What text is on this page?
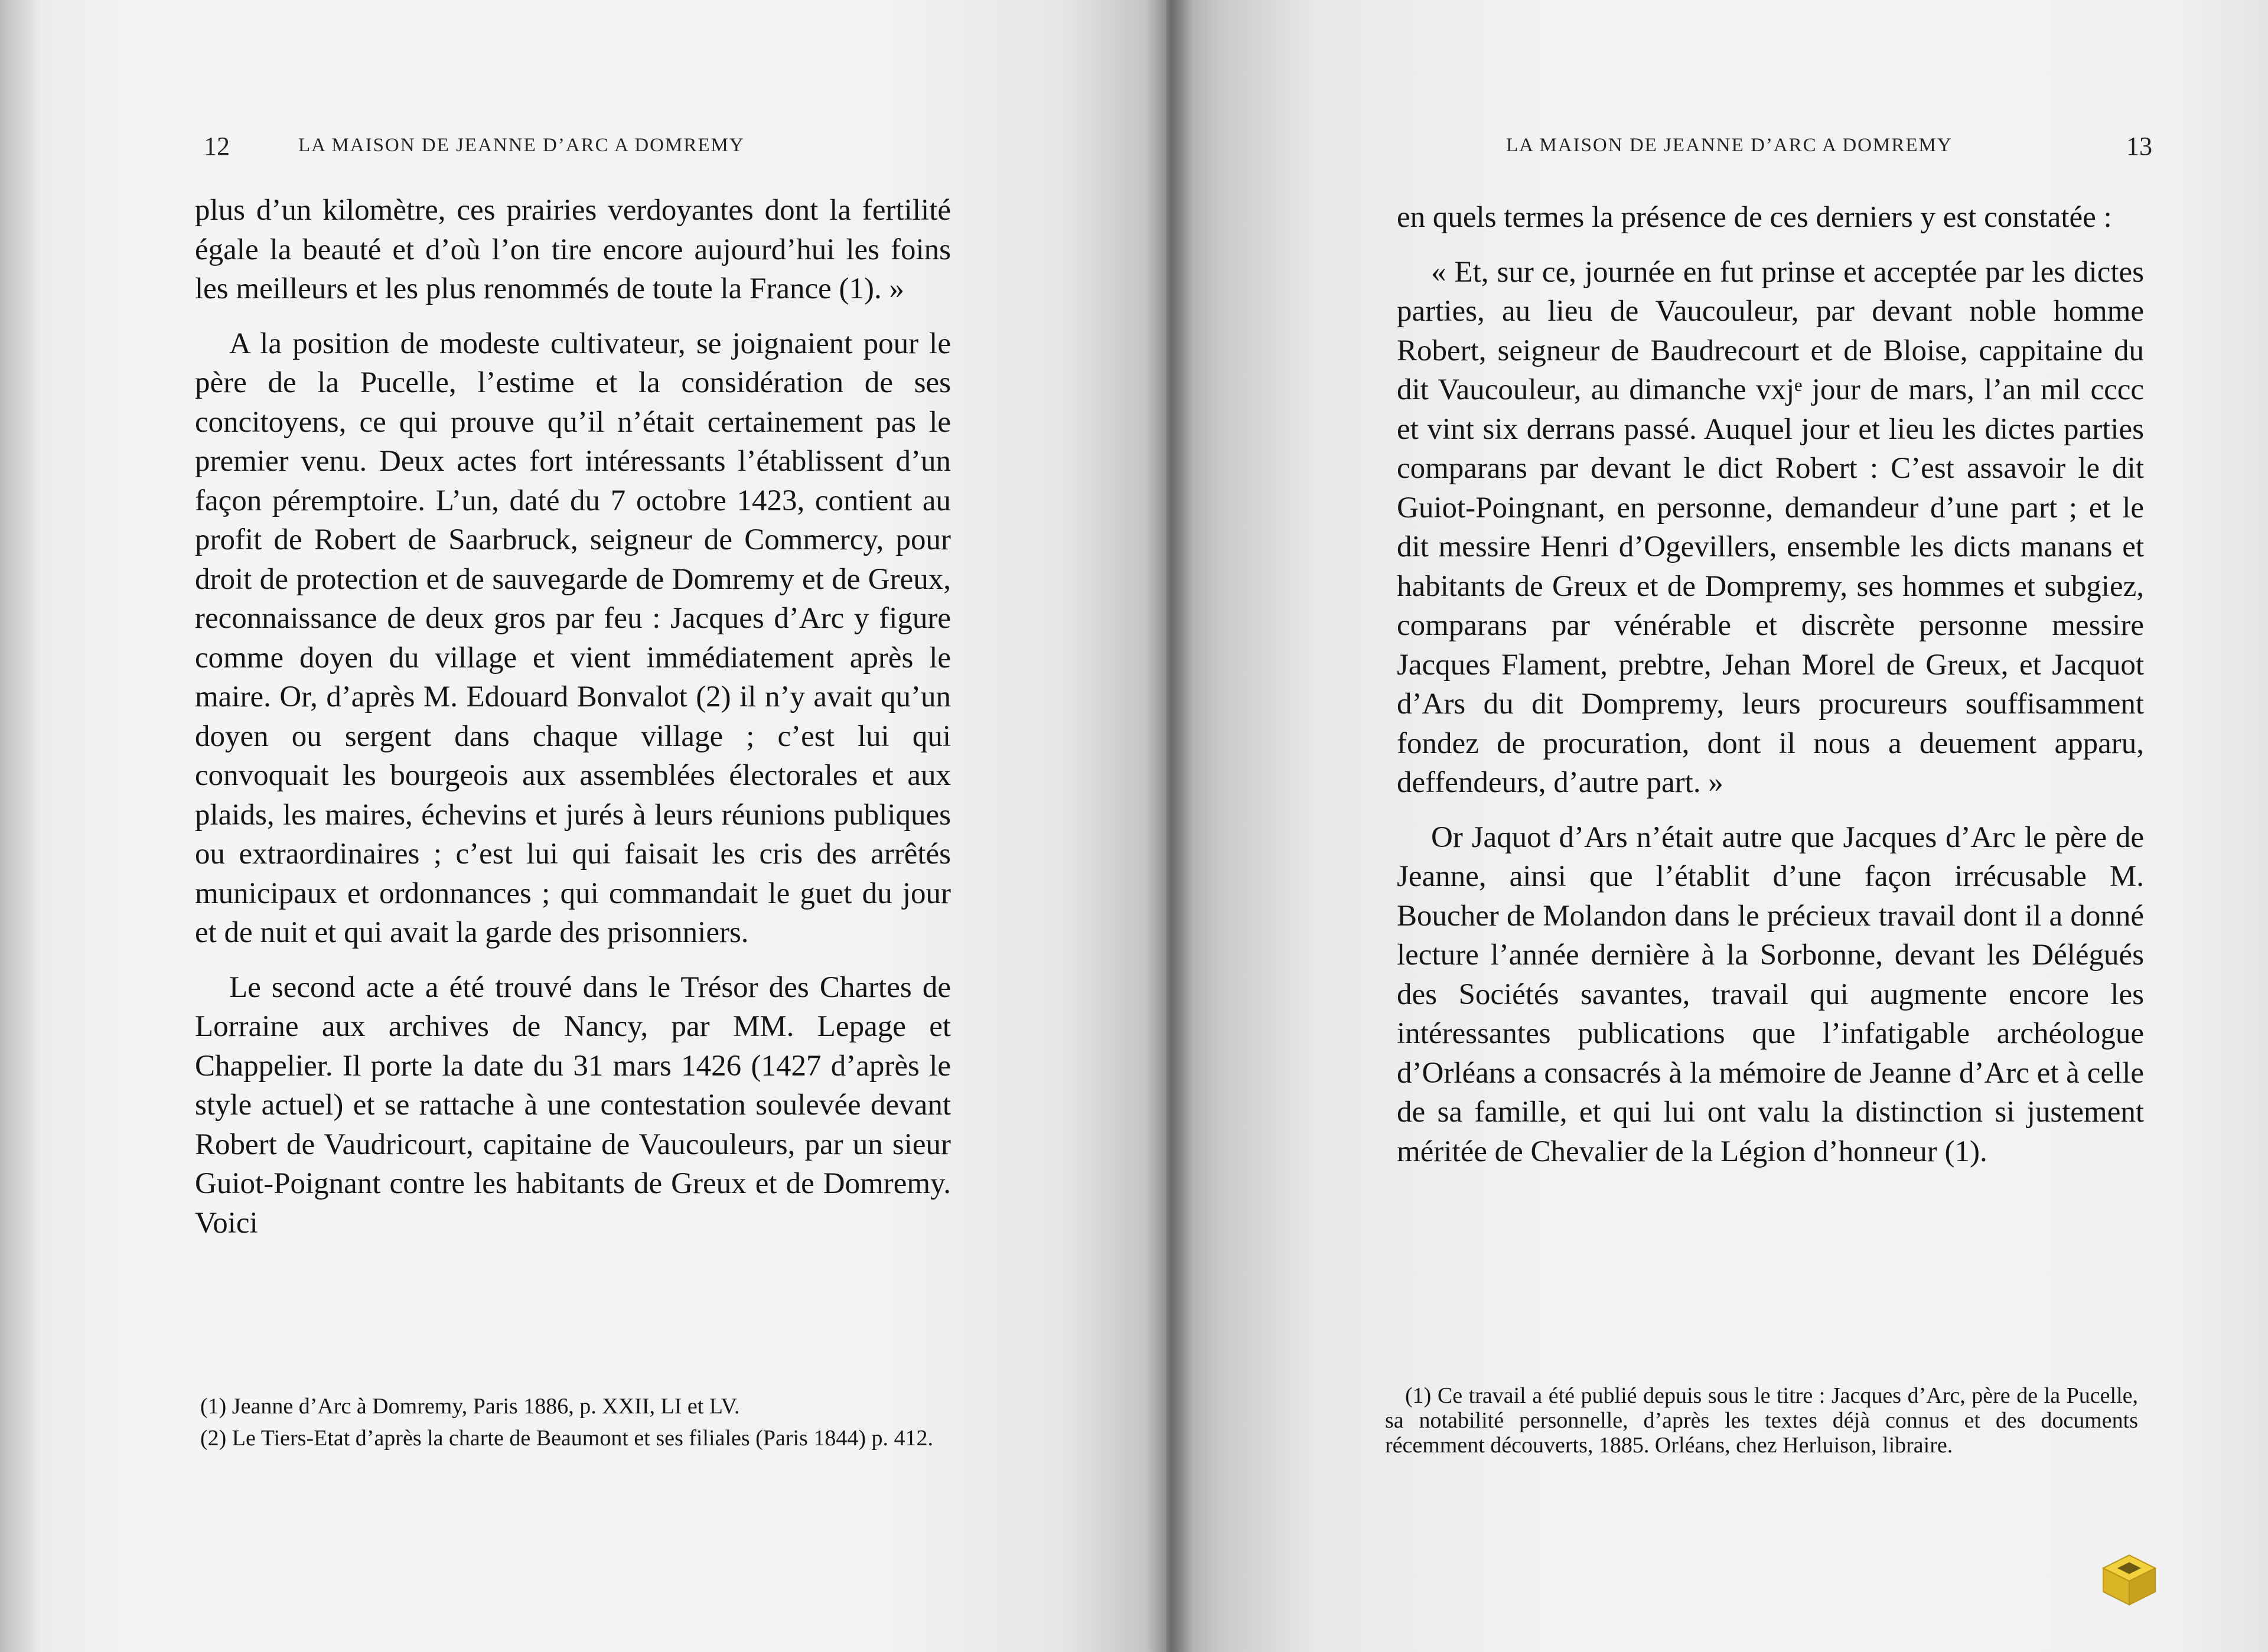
12	LA MAISON DE JEANNE D’ARC A DOMREMY

plus d’un kilomètre, ces prairies verdoyantes dont la fertilité égale la beauté et d’où l’on tire encore aujourd’hui les foins les meilleurs et les plus renommés de toute la France (1). »

A la position de modeste cultivateur, se joignaient pour le père de la Pucelle, l’estime et la considération de ses concitoyens, ce qui prouve qu’il n’était certainement pas le premier venu. Deux actes fort intéressants l’établissent d’un façon péremptoire. L’un, daté du 7 octobre 1423, contient au profit de Robert de Saarbruck, seigneur de Commercy, pour droit de protection et de sauvegarde de Domremy et de Greux, reconnaissance de deux gros par feu : Jacques d’Arc y figure comme doyen du village et vient immédiatement après le maire. Or, d’après M. Edouard Bonvalot (2) il n’y avait qu’un doyen ou sergent dans chaque village ; c’est lui qui convoquait les bourgeois aux assemblées électorales et aux plaids, les maires, échevins et jurés à leurs réunions publiques ou extraordinaires ; c’est lui qui faisait les cris des arrêtés municipaux et ordonnances ; qui commandait le guet du jour et de nuit et qui avait la garde des prisonniers.

Le second acte a été trouvé dans le Trésor des Chartes de Lorraine aux archives de Nancy, par MM. Lepage et Chappelier. Il porte la date du 31 mars 1426 (1427 d’après le style actuel) et se rattache à une contestation soulevée devant Robert de Vaudricourt, capitaine de Vaucouleurs, par un sieur Guiot-Poignant contre les habitants de Greux et de Domremy. Voici

(1) Jeanne d’Arc à Domremy, Paris 1886, p. XXII, LI et LV.

(2) Le Tiers-Etat d’après la charte de Beaumont et ses filiales (Paris 1844) p. 412.

LA MAISON DE JEANNE D’ARC A DOMREMY	13

en quels termes la présence de ces derniers y est constatée :

« Et, sur ce, journée en fut prinse et acceptée par les dictes parties, au lieu de Vaucouleur, par devant noble homme Robert, seigneur de Baudrecourt et de Bloise, cappitaine du dit Vaucouleur, au dimanche vxjᵉ jour de mars, l’an mil cccc et vint six derrans passé. Auquel jour et lieu les dictes parties comparans par devant le dict Robert : C’est assavoir le dit Guiot-Poingnant, en personne, demandeur d’une part ; et le dit messire Henri d’Ogevillers, ensemble les dicts manans et habitants de Greux et de Dompremy, ses hommes et subgiez, comparans par vénérable et discrète personne messire Jacques Flament, prebtre, Jehan Morel de Greux, et Jacquot d’Ars du dit Dompremy, leurs procureurs souffisamment fondez de procuration, dont il nous a deuement apparu, deffendeurs, d’autre part. »

Or Jaquot d’Ars n’était autre que Jacques d’Arc le père de Jeanne, ainsi que l’établit d’une façon irrécusable M. Boucher de Molandon dans le précieux travail dont il a donné lecture l’année dernière à la Sorbonne, devant les Délégués des Sociétés savantes, travail qui augmente encore les intéressantes publications que l’infatigable archéologue d’Orléans a consacrés à la mémoire de Jeanne d’Arc et à celle de sa famille, et qui lui ont valu la distinction si justement méritée de Chevalier de la Légion d’honneur (1).

(1) Ce travail a été publié depuis sous le titre : Jacques d’Arc, père de la Pucelle, sa notabilité personnelle, d’après les textes déjà connus et des documents récemment découverts, 1885. Orléans, chez Herluison, libraire.
